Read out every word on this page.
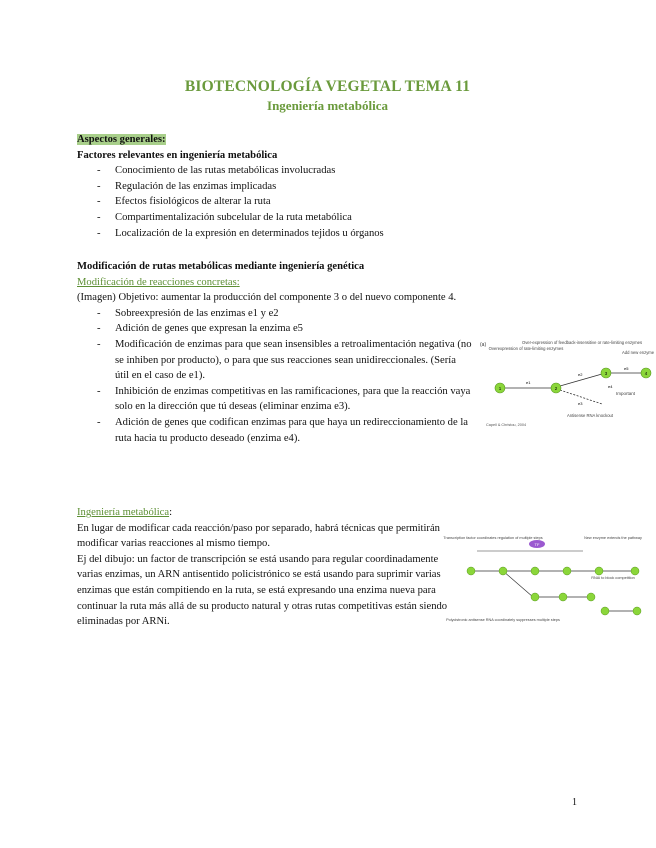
BIOTECNOLOGÍA VEGETAL TEMA 11
Ingeniería metabólica
Aspectos generales:
Factores relevantes en ingeniería metabólica
- Conocimiento de las rutas metabólicas involucradas
- Regulación de las enzimas implicadas
- Efectos fisiológicos de alterar la ruta
- Compartimentalización subcelular de la ruta metabólica
- Localización de la expresión en determinados tejidos u órganos
Modificación de rutas metabólicas mediante ingeniería genética
Modificación de reacciones concretas:
(Imagen) Objetivo: aumentar la producción del componente 3 o del nuevo componente 4.
- Sobreexpresión de las enzimas e1 y e2
- Adición de genes que expresan la enzima e5
- Modificación de enzimas para que sean insensibles a retroalimentación negativa (no se inhiben por producto), o para que sus reacciones sean unidireccionales. (Sería útil en el caso de e1).
- Inhibición de enzimas competitivas en las ramificaciones, para que la reacción vaya solo en la dirección que tú deseas (eliminar enzima e3).
- Adición de genes que codifican enzimas para que haya un redireccionamiento de la ruta hacia tu producto deseado (enzima e4).
(a)
Overexpression of rate-limiting enzymes
Over-expression of feedback-insensitive or rate-limiting enzymes
Add new enzyme
Important
Antisense RNA knockout
1	2
3	4
e1
e2
e3
e4
e5
Capell & Christou, 2004
Ingeniería metabólica:
En lugar de modificar cada reacción/paso por separado, habrá técnicas que permitirán modificar varias reacciones al mismo tiempo.
Ej del dibujo: un factor de transcripción se está usando para regular coordinadamente varias enzimas, un ARN antisentido policistrónico se está usando para suprimir varias enzimas que están compitiendo en la ruta, se está expresando una enzima nueva para continuar la ruta más allá de su producto natural y otras rutas competitivas están siendo eliminadas por ARNi.
Transcription factor coordinates regulation of multiple steps
TF
New enzyme extends the pathway
RNAi to block competition
Polycistronic antisense RNA coordinately suppresses multiple steps
1
